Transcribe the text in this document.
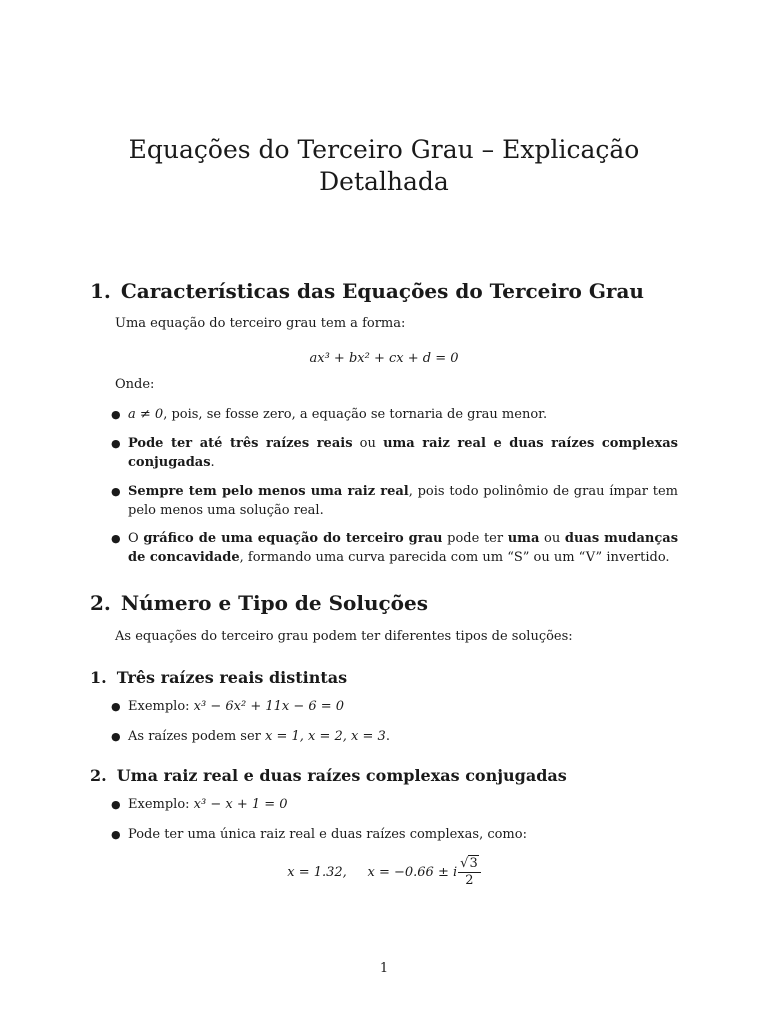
Equações do Terceiro Grau – Explicação Detalhada
1. Características das Equações do Terceiro Grau

Uma equação do terceiro grau tem a forma:

ax³ + bx² + cx + d = 0

Onde:

● a ≠ 0, pois, se fosse zero, a equação se tornaria de grau menor.

● Pode ter até três raízes reais ou uma raiz real e duas raízes complexas conjugadas.

● Sempre tem pelo menos uma raiz real, pois todo polinômio de grau ímpar tem pelo menos uma solução real.

● O gráfico de uma equação do terceiro grau pode ter uma ou duas mudanças de concavidade, formando uma curva parecida com um “S” ou um “V” invertido.

2. Número e Tipo de Soluções

As equações do terceiro grau podem ter diferentes tipos de soluções:

1. Três raízes reais distintas

● Exemplo: x³ − 6x² + 11x − 6 = 0

● As raízes podem ser x = 1, x = 2, x = 3.

2. Uma raiz real e duas raízes complexas conjugadas

● Exemplo: x³ − x + 1 = 0

● Pode ter uma única raiz real e duas raízes complexas, como:

x = 1.32, x = −0.66 ± i $\frac{√3}{2}$
1
